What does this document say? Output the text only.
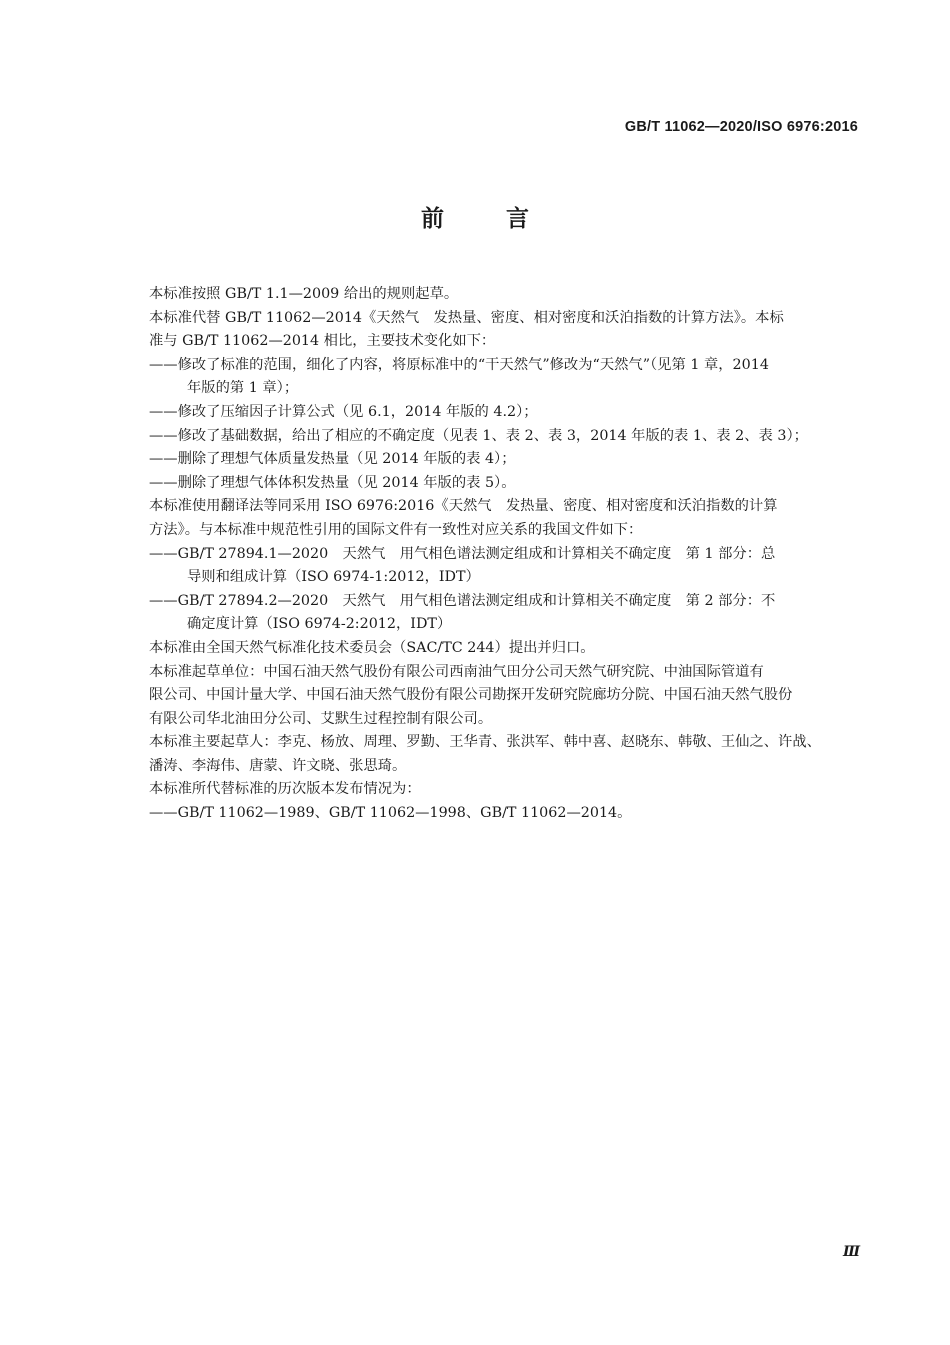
GB/T 11062—2020/ISO 6976:2016
前言

本标准按照 GB/T 1.1—2009 给出的规则起草。

本标准代替 GB/T 11062—2014《天然气　发热量、密度、相对密度和沃泊指数的计算方法》。本标

准与 GB/T 11062—2014 相比，主要技术变化如下：

——修改了标准的范围，细化了内容，将原标准中的“干天然气”修改为“天然气”（见第 1 章，2014

年版的第 1 章）；

——修改了压缩因子计算公式（见 6.1，2014 年版的 4.2）；

——修改了基础数据，给出了相应的不确定度（见表 1、表 2、表 3，2014 年版的表 1、表 2、表 3）；

——删除了理想气体质量发热量（见 2014 年版的表 4）；

——删除了理想气体体积发热量（见 2014 年版的表 5）。

本标准使用翻译法等同采用 ISO 6976:2016《天然气　发热量、密度、相对密度和沃泊指数的计算

方法》。与本标准中规范性引用的国际文件有一致性对应关系的我国文件如下：

——GB/T 27894.1—2020　天然气　用气相色谱法测定组成和计算相关不确定度　第 1 部分：总

导则和组成计算（ISO 6974-1:2012，IDT）

——GB/T 27894.2—2020　天然气　用气相色谱法测定组成和计算相关不确定度　第 2 部分：不

确定度计算（ISO 6974-2:2012，IDT）

本标准由全国天然气标准化技术委员会（SAC/TC 244）提出并归口。

本标准起草单位：中国石油天然气股份有限公司西南油气田分公司天然气研究院、中油国际管道有

限公司、中国计量大学、中国石油天然气股份有限公司勘探开发研究院廊坊分院、中国石油天然气股份

有限公司华北油田分公司、艾默生过程控制有限公司。

本标准主要起草人：李克、杨放、周理、罗勤、王华青、张洪军、韩中喜、赵晓东、韩敬、王仙之、许战、

潘涛、李海伟、唐蒙、许文晓、张思琦。

本标准所代替标准的历次版本发布情况为：

——GB/T 11062—1989、GB/T 11062—1998、GB/T 11062—2014。

Ⅲ
